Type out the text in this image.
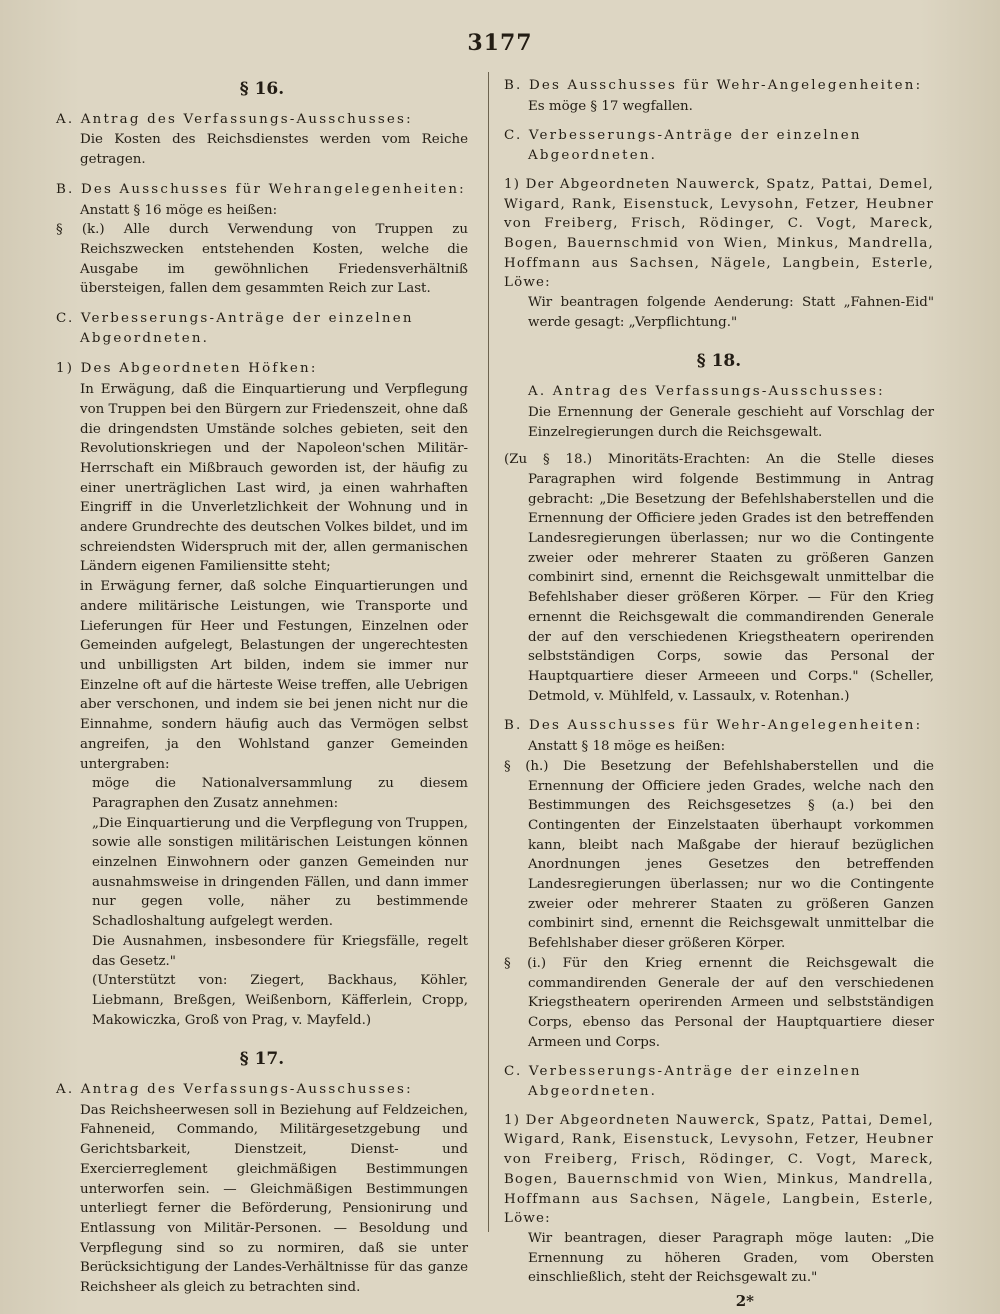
3177
§ 16.
A. Antrag des Verfassungs-Ausschusses:

Die Kosten des Reichsdienstes werden vom Reiche getragen.

B. Des Ausschusses für Wehrangelegenheiten:

Anstatt § 16 möge es heißen:

§ (k.) Alle durch Verwendung von Truppen zu Reichszwecken entstehenden Kosten, welche die Ausgabe im gewöhnlichen Friedensverhältniß übersteigen, fallen dem gesammten Reich zur Last.

C. Verbesserungs-Anträge der einzelnen Abgeordneten.
1) Des Abgeordneten Höfken:

In Erwägung, daß die Einquartierung und Verpflegung von Truppen bei den Bürgern zur Friedenszeit, ohne daß die dringendsten Umstände solches gebieten, seit den Revolutionskriegen und der Napoleon'schen Militär-Herrschaft ein Mißbrauch geworden ist, der häufig zu einer unerträglichen Last wird, ja einen wahrhaften Eingriff in die Unverletzlichkeit der Wohnung und in andere Grundrechte des deutschen Volkes bildet, und im schreiendsten Widerspruch mit der, allen germanischen Ländern eigenen Familiensitte steht;

in Erwägung ferner, daß solche Einquartierungen und andere militärische Leistungen, wie Transporte und Lieferungen für Heer und Festungen, Einzelnen oder Gemeinden aufgelegt, Belastungen der ungerechtesten und unbilligsten Art bilden, indem sie immer nur Einzelne oft auf die härteste Weise treffen, alle Uebrigen aber verschonen, und indem sie bei jenen nicht nur die Einnahme, sondern häufig auch das Vermögen selbst angreifen, ja den Wohlstand ganzer Gemeinden untergraben:

möge die Nationalversammlung zu diesem Paragraphen den Zusatz annehmen:

„Die Einquartierung und die Verpflegung von Truppen, sowie alle sonstigen militärischen Leistungen können einzelnen Einwohnern oder ganzen Gemeinden nur ausnahmsweise in dringenden Fällen, und dann immer nur gegen volle, näher zu bestimmende Schadloshaltung aufgelegt werden.

Die Ausnahmen, insbesondere für Kriegsfälle, regelt das Gesetz."

(Unterstützt von: Ziegert, Backhaus, Köhler, Liebmann, Breßgen, Weißenborn, Käfferlein, Cropp, Makowiczka, Groß von Prag, v. Mayfeld.)

§ 17.
A. Antrag des Verfassungs-Ausschusses:

Das Reichsheerwesen soll in Beziehung auf Feldzeichen, Fahneneid, Commando, Militärgesetzgebung und Gerichtsbarkeit, Dienstzeit, Dienst- und Exercierreglement gleichmäßigen Bestimmungen unterworfen sein. — Gleichmäßigen Bestimmungen unterliegt ferner die Beförderung, Pensionirung und Entlassung von Militär-Personen. — Besoldung und Verpflegung sind so zu normiren, daß sie unter Berücksichtigung der Landes-Verhältnisse für das ganze Reichsheer als gleich zu betrachten sind.

B. Des Ausschusses für Wehr-Angelegenheiten:

Es möge § 17 wegfallen.

C. Verbesserungs-Anträge der einzelnen Abgeordneten.

1) Der Abgeordneten Nauwerck, Spatz, Pattai, Demel, Wigard, Rank, Eisenstuck, Levysohn, Fetzer, Heubner von Freiberg, Frisch, Rödinger, C. Vogt, Mareck, Bogen, Bauernschmid von Wien, Minkus, Mandrella, Hoffmann aus Sachsen, Nägele, Langbein, Esterle, Löwe:

Wir beantragen folgende Aenderung: Statt „Fahnen-Eid" werde gesagt: „Verpflichtung."

§ 18.
A. Antrag des Verfassungs-Ausschusses:

Die Ernennung der Generale geschieht auf Vorschlag der Einzelregierungen durch die Reichsgewalt.

(Zu § 18.) Minoritäts-Erachten: An die Stelle dieses Paragraphen wird folgende Bestimmung in Antrag gebracht: „Die Besetzung der Befehlshaberstellen und die Ernennung der Officiere jeden Grades ist den betreffenden Landesregierungen überlassen; nur wo die Contingente zweier oder mehrerer Staaten zu größeren Ganzen combinirt sind, ernennt die Reichsgewalt unmittelbar die Befehlshaber dieser größeren Körper. — Für den Krieg ernennt die Reichsgewalt die commandirenden Generale der auf den verschiedenen Kriegstheatern operirenden selbstständigen Corps, sowie das Personal der Hauptquartiere dieser Armeeen und Corps." (Scheller, Detmold, v. Mühlfeld, v. Lassaulx, v. Rotenhan.)

B. Des Ausschusses für Wehr-Angelegenheiten:

Anstatt § 18 möge es heißen:

§ (h.) Die Besetzung der Befehlshaberstellen und die Ernennung der Officiere jeden Grades, welche nach den Bestimmungen des Reichsgesetzes § (a.) bei den Contingenten der Einzelstaaten überhaupt vorkommen kann, bleibt nach Maßgabe der hierauf bezüglichen Anordnungen jenes Gesetzes den betreffenden Landesregierungen überlassen; nur wo die Contingente zweier oder mehrerer Staaten zu größeren Ganzen combinirt sind, ernennt die Reichsgewalt unmittelbar die Befehlshaber dieser größeren Körper.

§ (i.) Für den Krieg ernennt die Reichsgewalt die commandirenden Generale der auf den verschiedenen Kriegstheatern operirenden Armeen und selbstständigen Corps, ebenso das Personal der Hauptquartiere dieser Armeen und Corps.

C. Verbesserungs-Anträge der einzelnen Abgeordneten.

1) Der Abgeordneten Nauwerck, Spatz, Pattai, Demel, Wigard, Rank, Eisenstuck, Levysohn, Fetzer, Heubner von Freiberg, Frisch, Rödinger, C. Vogt, Mareck, Bogen, Bauernschmid von Wien, Minkus, Mandrella, Hoffmann aus Sachsen, Nägele, Langbein, Esterle, Löwe:

Wir beantragen, dieser Paragraph möge lauten: „Die Ernennung zu höheren Graden, vom Obersten einschließlich, steht der Reichsgewalt zu."

2*
